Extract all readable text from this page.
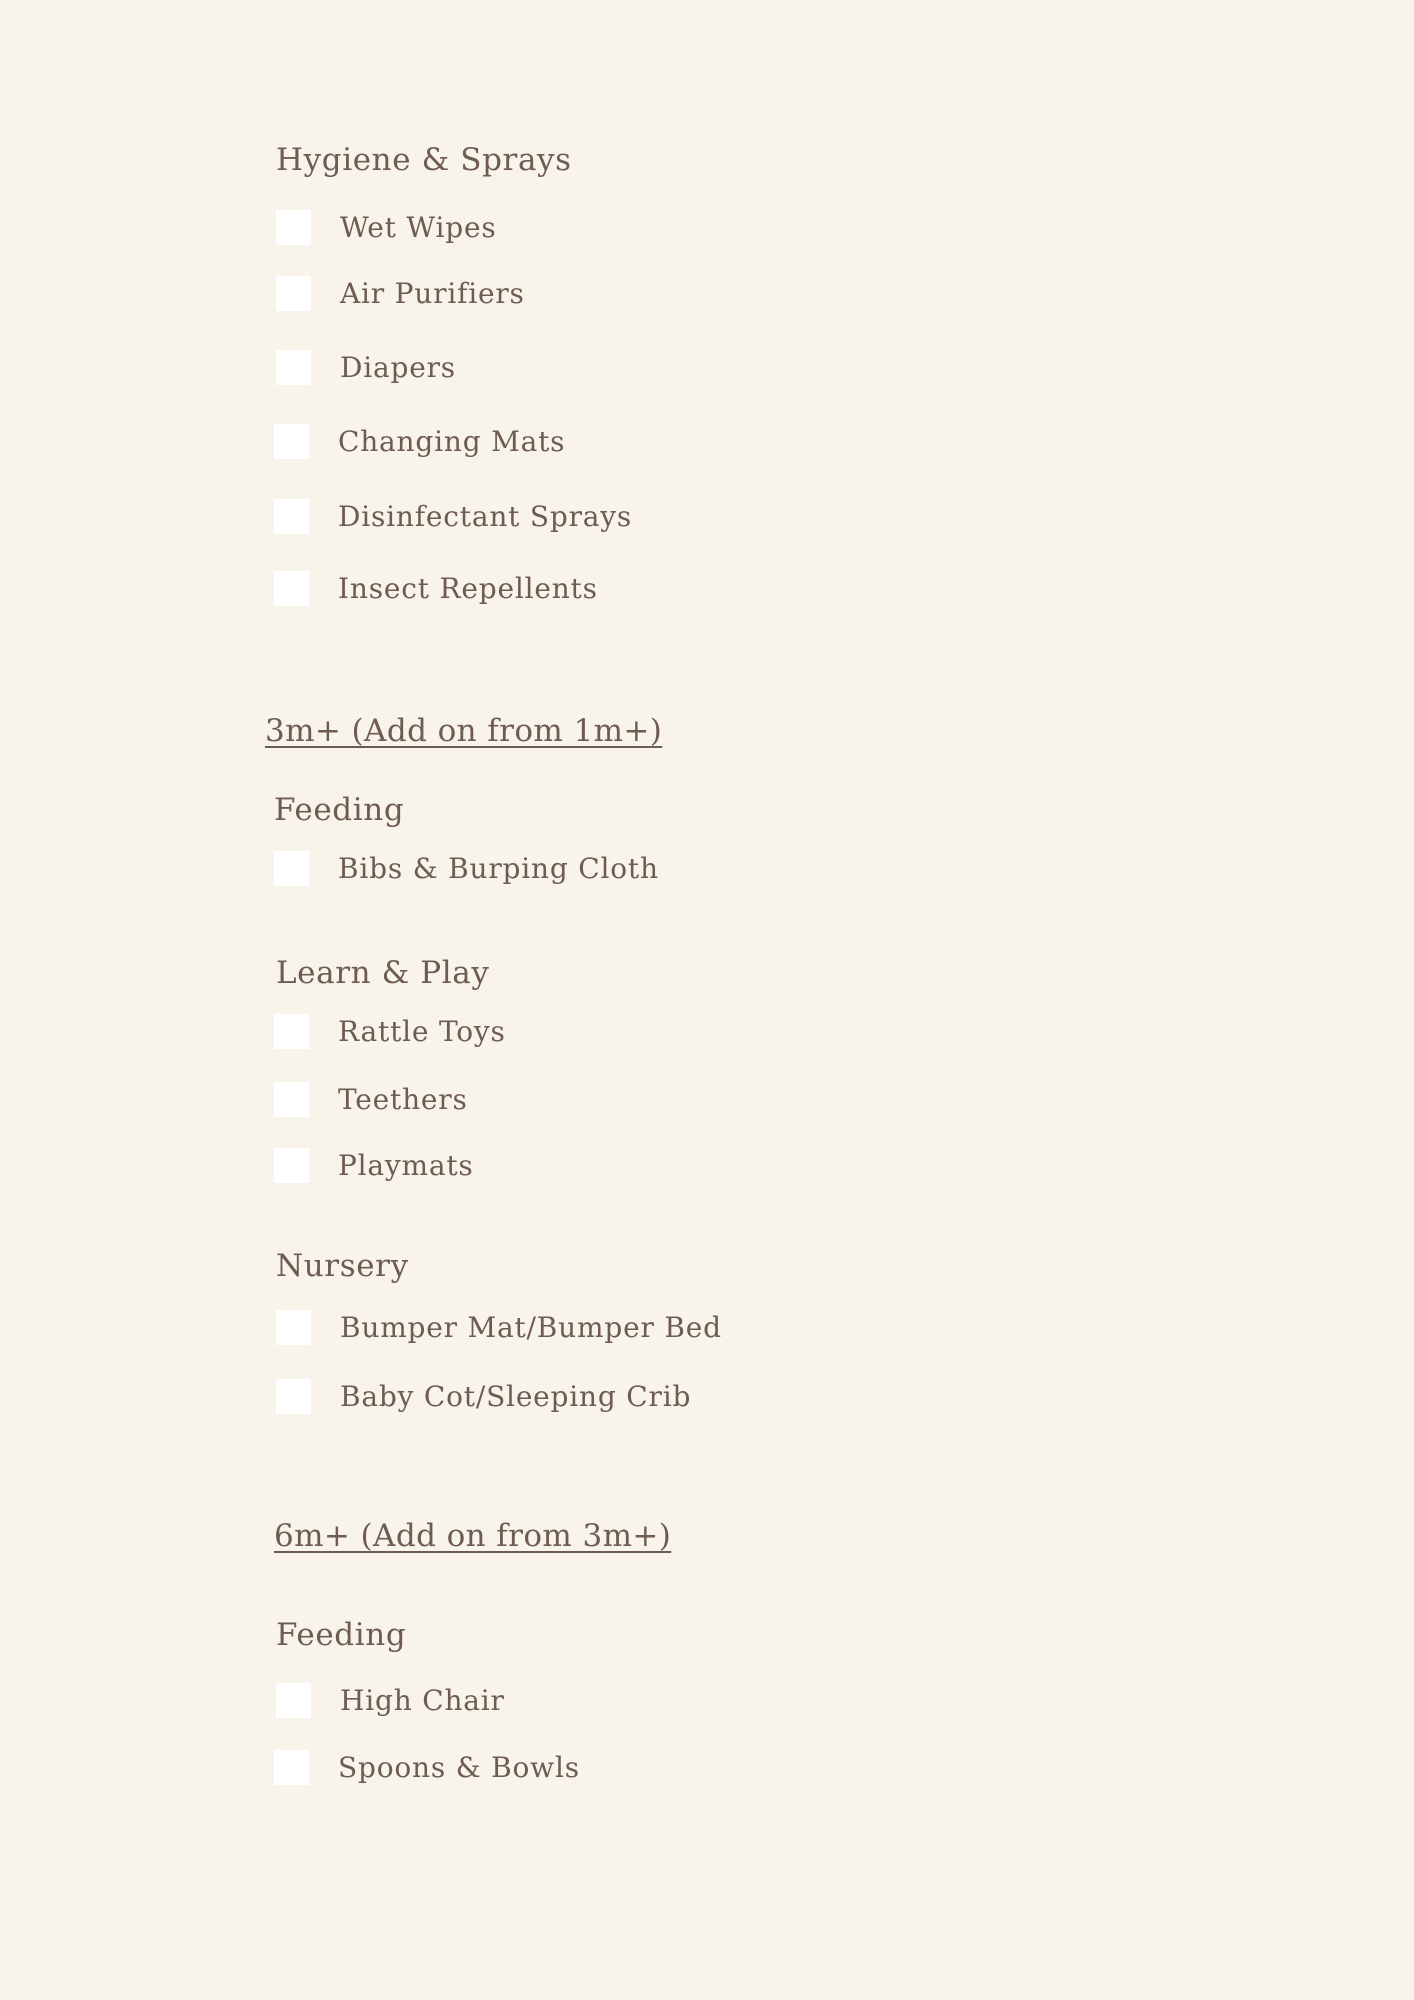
Hygiene & Sprays
Wet Wipes
Air Purifiers
Diapers
Changing Mats
Disinfectant Sprays
Insect Repellents
3m+ (Add on from 1m+)
Feeding
Bibs & Burping Cloth
Learn & Play
Rattle Toys
Teethers
Playmats
Nursery
Bumper Mat/Bumper Bed
Baby Cot/Sleeping Crib
6m+ (Add on from 3m+)
Feeding
High Chair
Spoons & Bowls
